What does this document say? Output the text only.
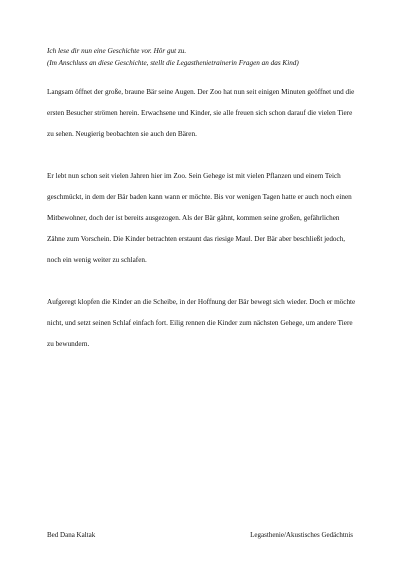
Ich lese dir nun eine Geschichte vor. Hör gut zu.

(Im Anschluss an diese Geschichte, stellt die Legasthenietrainerin Fragen an das Kind)

Langsam öffnet der große, braune Bär seine Augen. Der Zoo hat nun seit einigen Minuten geöffnet und die ersten Besucher strömen herein. Erwachsene und Kinder, sie alle freuen sich schon darauf die vielen Tiere zu sehen. Neugierig beobachten sie auch den Bären.

Er lebt nun schon seit vielen Jahren hier im Zoo. Sein Gehege ist mit vielen Pflanzen und einem Teich geschmückt, in dem der Bär baden kann wann er möchte. Bis vor wenigen Tagen hatte er auch noch einen Mitbewohner, doch der ist bereits ausgezogen. Als der Bär gähnt, kommen seine großen, gefährlichen Zähne zum Vorschein. Die Kinder betrachten erstaunt das riesige Maul. Der Bär aber beschließt jedoch, noch ein wenig weiter zu schlafen.

Aufgeregt klopfen die Kinder an die Scheibe, in der Hoffnung der Bär bewegt sich wieder. Doch er möchte nicht, und setzt seinen Schlaf einfach fort. Eilig rennen die Kinder zum nächsten Gehege, um andere Tiere zu bewundern.

Bed Dana Kaltak	Legasthenie/Akustisches Gedächtnis
